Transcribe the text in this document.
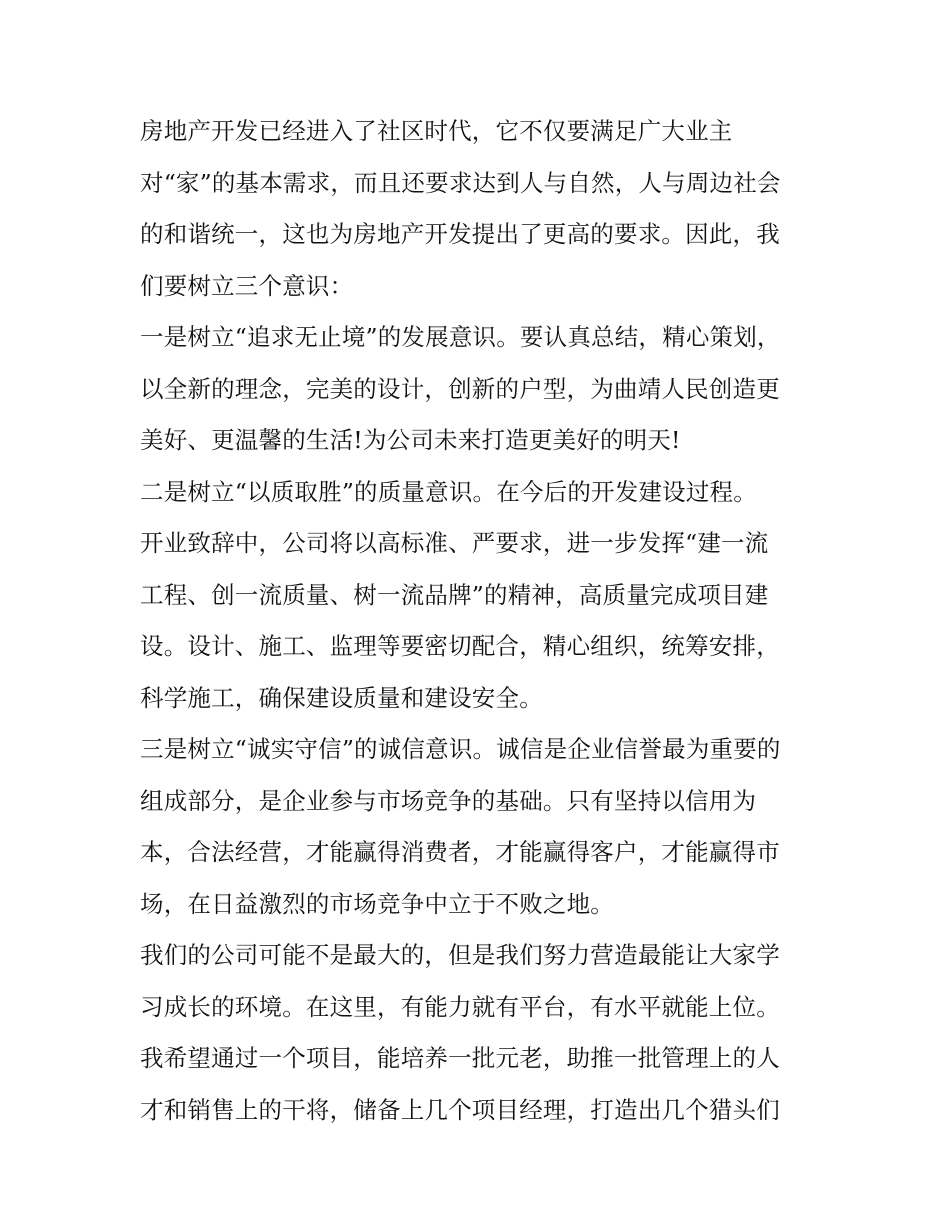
房地产开发已经进入了社区时代，它不仅要满足广大业主
对“家”的基本需求，而且还要求达到人与自然，人与周边社会
的和谐统一，这也为房地产开发提出了更高的要求。因此，我
们要树立三个意识：
一是树立“追求无止境”的发展意识。要认真总结，精心策划，
以全新的理念，完美的设计，创新的户型，为曲靖人民创造更
美好、更温馨的生活!为公司未来打造更美好的明天!
二是树立“以质取胜”的质量意识。在今后的开发建设过程。
开业致辞中，公司将以高标准、严要求，进一步发挥“建一流
工程、创一流质量、树一流品牌”的精神，高质量完成项目建
设。设计、施工、监理等要密切配合，精心组织，统筹安排，
科学施工，确保建设质量和建设安全。
三是树立“诚实守信”的诚信意识。诚信是企业信誉最为重要的
组成部分，是企业参与市场竞争的基础。只有坚持以信用为
本，合法经营，才能赢得消费者，才能赢得客户，才能赢得市
场，在日益激烈的市场竞争中立于不败之地。
我们的公司可能不是最大的，但是我们努力营造最能让大家学
习成长的环境。在这里，有能力就有平台，有水平就能上位。
我希望通过一个项目，能培养一批元老，助推一批管理上的人
才和销售上的干将，储备上几个项目经理，打造出几个猎头们
